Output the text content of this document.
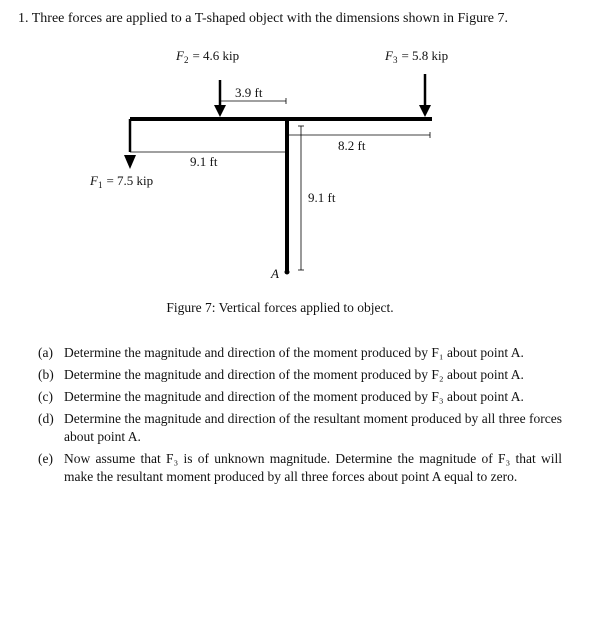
1. Three forces are applied to a T-shaped object with the dimensions shown in Figure 7.
$F_2 = 4.6$ kip	$F_3 = 5.8$ kip
$F_1 = 7.5$ kip
3.9 ft
9.1 ft
8.2 ft
9.1 ft
A
Figure 7: Vertical forces applied to object.
(a) Determine the magnitude and direction of the moment produced by F₁ about point A.
(b) Determine the magnitude and direction of the moment produced by F₂ about point A.
(c) Determine the magnitude and direction of the moment produced by F₃ about point A.
(d) Determine the magnitude and direction of the resultant moment produced by all three forces about point A.
(e) Now assume that F₃ is of unknown magnitude. Determine the magnitude of F₃ that will make the resultant moment produced by all three forces about point A equal to zero.
